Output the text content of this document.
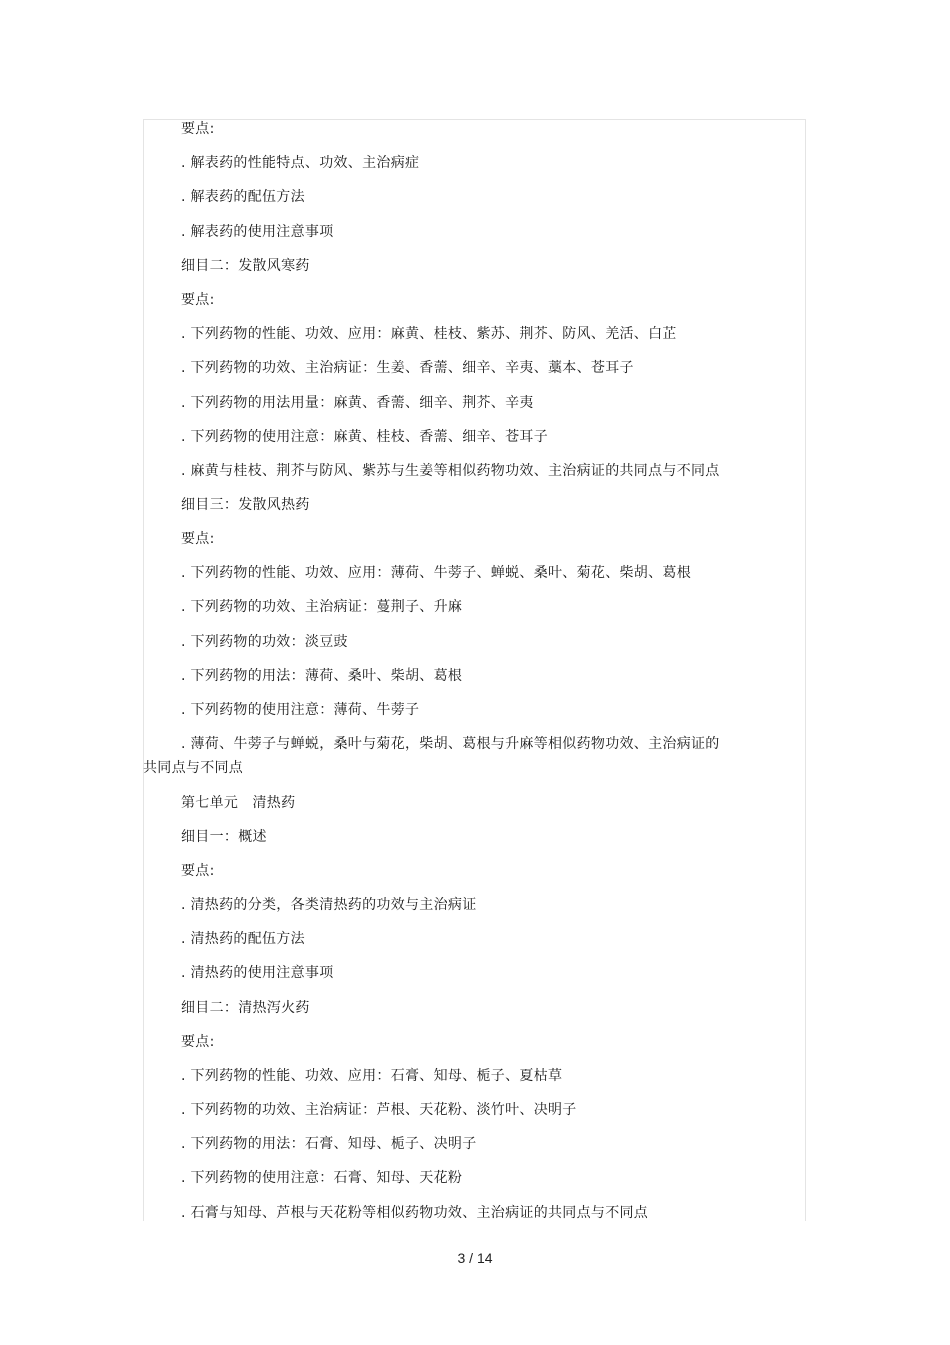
要点:
. 解表药的性能特点、功效、主治病症
. 解表药的配伍方法
. 解表药的使用注意事项
细目二：发散风寒药
要点:
. 下列药物的性能、功效、应用：麻黄、桂枝、紫苏、荆芥、防风、羌活、白芷
. 下列药物的功效、主治病证：生姜、香薷、细辛、辛夷、藁本、苍耳子
. 下列药物的用法用量：麻黄、香薷、细辛、荆芥、辛夷
. 下列药物的使用注意：麻黄、桂枝、香薷、细辛、苍耳子
. 麻黄与桂枝、荆芥与防风、紫苏与生姜等相似药物功效、主治病证的共同点与不同点
细目三：发散风热药
要点:
. 下列药物的性能、功效、应用：薄荷、牛蒡子、蝉蜕、桑叶、菊花、柴胡、葛根
. 下列药物的功效、主治病证：蔓荆子、升麻
. 下列药物的功效：淡豆豉
. 下列药物的用法：薄荷、桑叶、柴胡、葛根
. 下列药物的使用注意：薄荷、牛蒡子
. 薄荷、牛蒡子与蝉蜕，桑叶与菊花，柴胡、葛根与升麻等相似药物功效、主治病证的
共同点与不同点
第七单元　清热药
细目一：概述
要点:
. 清热药的分类，各类清热药的功效与主治病证
. 清热药的配伍方法
. 清热药的使用注意事项
细目二：清热泻火药
要点:
. 下列药物的性能、功效、应用：石膏、知母、栀子、夏枯草
. 下列药物的功效、主治病证：芦根、天花粉、淡竹叶、决明子
. 下列药物的用法：石膏、知母、栀子、决明子
. 下列药物的使用注意：石膏、知母、天花粉
. 石膏与知母、芦根与天花粉等相似药物功效、主治病证的共同点与不同点
3 / 14
